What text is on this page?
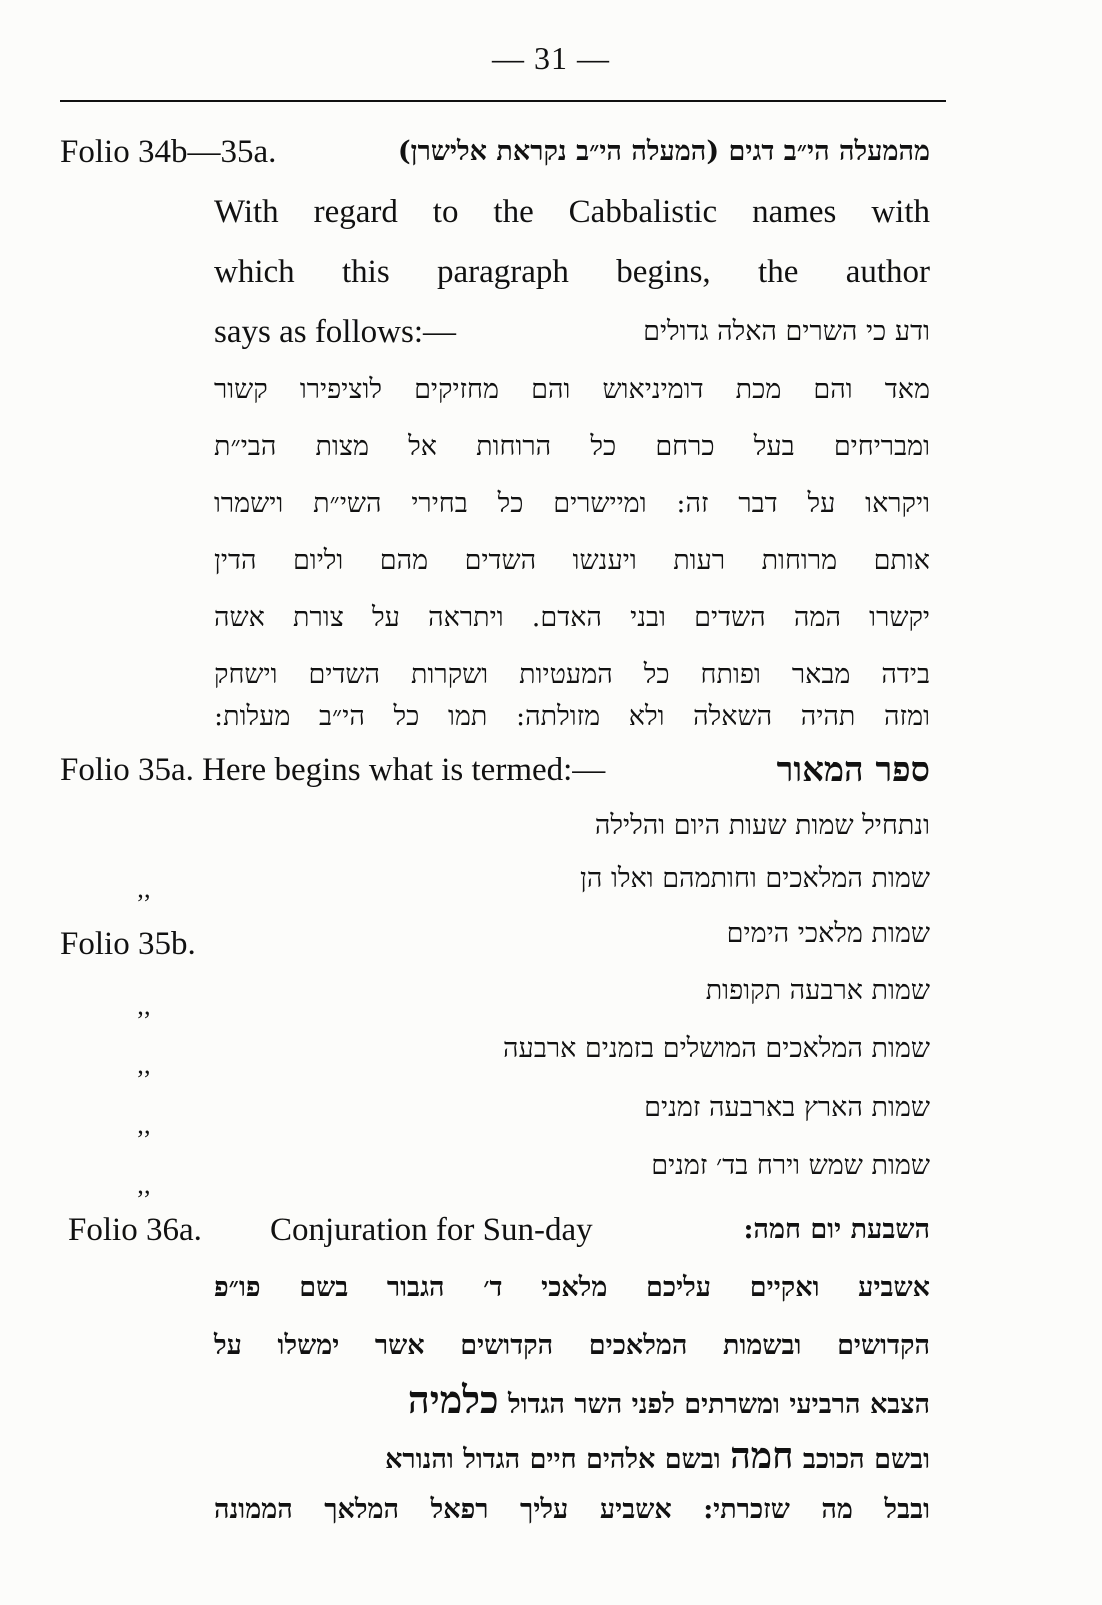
— 31 —
Folio 34b—35a.	מהמעלה הי״ב דגים (המעלה הי״ב נקראת אלישרן)
With regard to the Cabbalistic names with
which this paragraph begins, the author
says as follows:—	ודע כי השרים האלה גדולים
מאד והם מכת דומיניאוש והם מחזיקים לוציפירו קשור
ומבריחים בעל כרחם כל הרוחות אל מצות הבי״ת
ויקראו על דבר זה: ומיישרים כל בחירי השי״ת וישמרו
אותם מרוחות רעות ויענשו השדים מהם וליום הדין
יקשרו המה השדים ובני האדם. ויתראה על צורת אשה
בידה מבאר ופותח כל המעטיות ושקרות השדים וישחק
ומזה תהיה השאלה ולא מזולתה: תמו כל הי״ב מעלות:
Folio 35a. Here begins what is termed:—	ספר המאור
ונתחיל שמות שעות היום והלילה
שמות המלאכים וחותמהם ואלו הן
’’
Folio 35b.	שמות מלאכי הימים
שמות ארבעה תקופות
’’
שמות המלאכים המושלים בזמנים ארבעה
’’
שמות הארץ בארבעה זמנים
’’
שמות שמש וירח בד׳ זמנים
’’
Folio 36a. Conjuration for Sun-day	השבעת יום חמה:
אשביע ואקיים עליכם מלאכי ד׳ הגבור בשם פו״פ
הקדושים ובשמות המלאכים הקדושים אשר ימשלו על
הצבא הרביעי ומשרתים לפני השר הגדול כלמיה
ובשם הכוכב חמה ובשם אלהים חיים הגדול והנורא
ובבל מה שזכרתי: אשביע עליך רפאל המלאך הממונה
